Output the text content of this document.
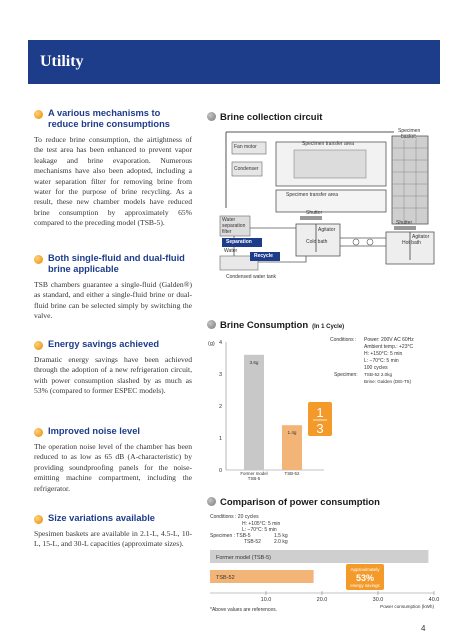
Utility
A various mechanisms to reduce brine consumptions
To reduce brine consumption, the airtightness of the test area has been enhanced to prevent vapor leakage and brine evaporation. Numerous mechanisms have also been adopted, including a water separation filter for removing brine from water for the purpose of brine recycling. As a result, these new chamber models have reduced brine consumption by approximately 65% compared to the preceding model (TSB-5).
Both single-fluid and dual-fluid brine applicable
TSB chambers guarantee a single-fluid (Galden®) as standard, and either a single-fluid brine or dual-fluid brine can be selected simply by switching the valve.
Energy savings achieved
Dramatic energy savings have been achieved through the adoption of a new refrigeration circuit, with power consumption slashed by as much as 53% (compared to former ESPEC models).
Improved noise level
The operation noise level of the chamber has been reduced to as low as 65 dB (A-characteristic) by providing soundproofing panels for the noise-emitting machine compartment, including the refrigerator.
Size variations available
Spesimen baskets are available in 2.1-L, 4.5-L, 10-L, 15-L, and 30-L capacities (approximate sizes).
Brine collection circuit
Fan motor	Specimen transfer area
Specimen
basket
Condenser
Specimen transfer area
Shutter
Shutter
Agitator
Agitator
Water
separation
filter
Separation
Water
Recycle
Cold bath	Hot bath
Condensed water tank
Brine Consumption (In 1 Cycle)
(g) 4
3
2
1
0
3.6g
Former model
TSB-5
1.4g
TSB-52
1
3
Conditions : Power: 200V AC 60Hz
Ambient temp.: +23°C
H: +150°C: 5 min
L: −70°C: 5 min
100 cycles
Specimen: TSB-52 2.0kg
Brine: Galden (DEI-T5)
Comparison of power consumption
10.0	20.0	30.0	40.0
Power consumption (kWh)
Former model (TSB-5)
TSB-52
Approximately
53%
energy savings
Conditions : 20 cycles
H: +105°C: 5 min
L: −70°C: 5 min
Specimen : TSB-5
TSB-52
1.5 kg
2.0 kg
*Above values are references.
4
